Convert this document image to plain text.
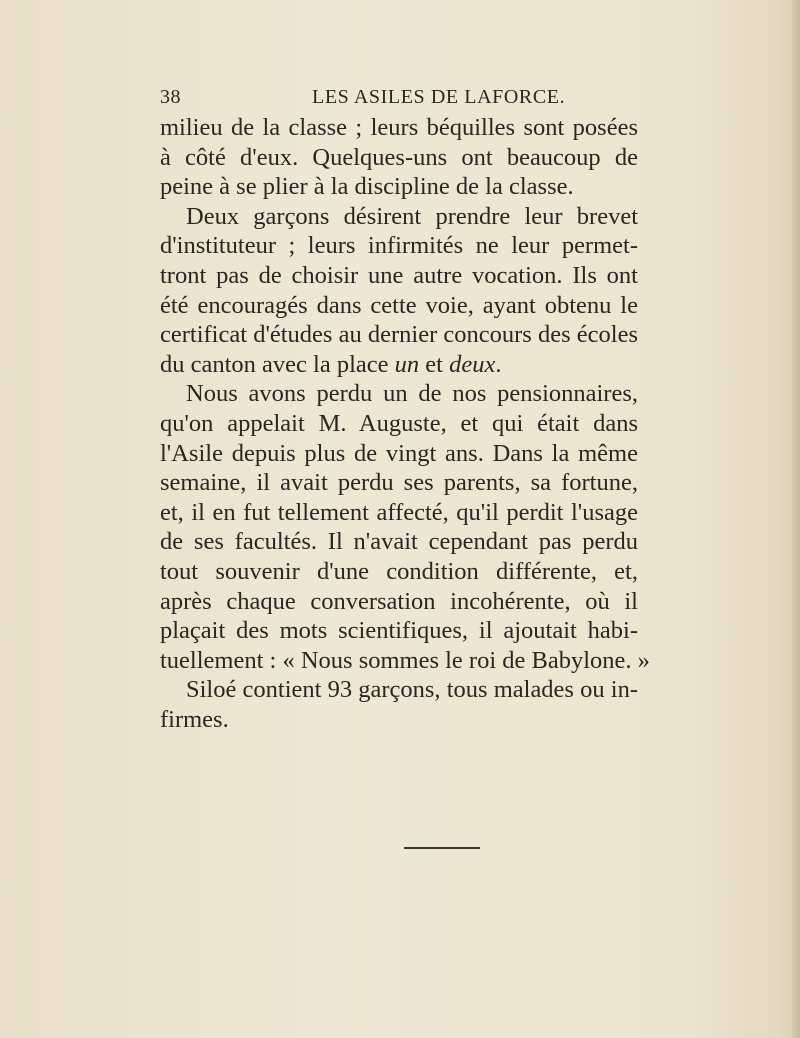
38	LES ASILES DE LAFORCE.
milieu de la classe ; leurs béquilles sont posées
à côté d'eux. Quelques-uns ont beaucoup de
peine à se plier à la discipline de la classe.
Deux garçons désirent prendre leur brevet
d'instituteur ; leurs infirmités ne leur permet-
tront pas de choisir une autre vocation. Ils ont
été encouragés dans cette voie, ayant obtenu le
certificat d'études au dernier concours des écoles
du canton avec la place un et deux.
Nous avons perdu un de nos pensionnaires,
qu'on appelait M. Auguste, et qui était dans
l'Asile depuis plus de vingt ans. Dans la même
semaine, il avait perdu ses parents, sa fortune,
et, il en fut tellement affecté, qu'il perdit l'usage
de ses facultés. Il n'avait cependant pas perdu
tout souvenir d'une condition différente, et,
après chaque conversation incohérente, où il
plaçait des mots scientifiques, il ajoutait habi-
tuellement : « Nous sommes le roi de Babylone. »
Siloé contient 93 garçons, tous malades ou in-
firmes.
